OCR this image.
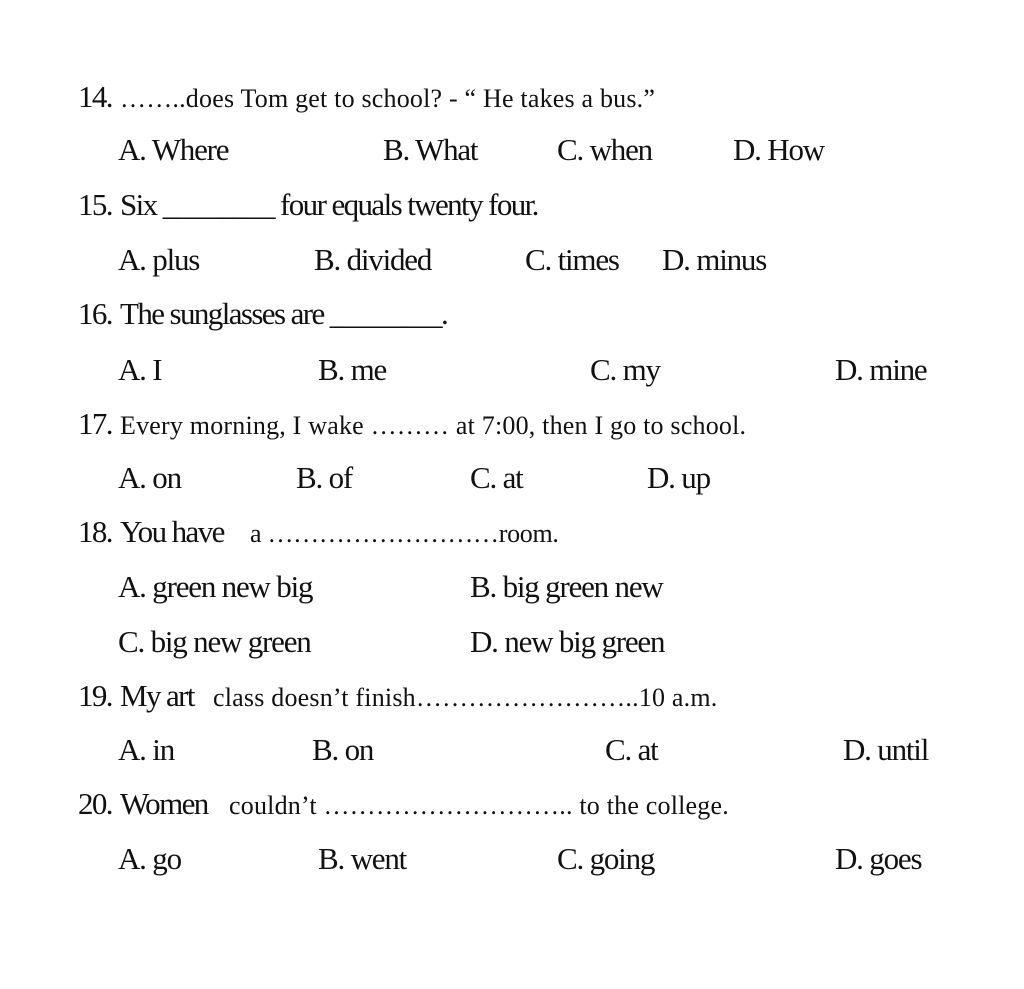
14. ……..does Tom get to school? - “ He takes a bus.”
A. Where	B. What	C. when	D. How
15. Six ________ four equals twenty four.
A. plus	B. divided	C. times D. minus
16. The sunglasses are ________.
A. I	B. me	C. my	D. mine
17. Every morning, I wake ……… at 7:00, then I go to school.
A. on	B. of	C. at	D. up
18. You have a ………………………room.
A. green new big	B. big green new
C. big new green	D. new big green
19. My art class doesn’t finish……………………..10 a.m.
A. in	B. on	C. at	D. until
20. Women couldn’t ……………………….. to the college.
A. go	B. went	C. going	D. goes
